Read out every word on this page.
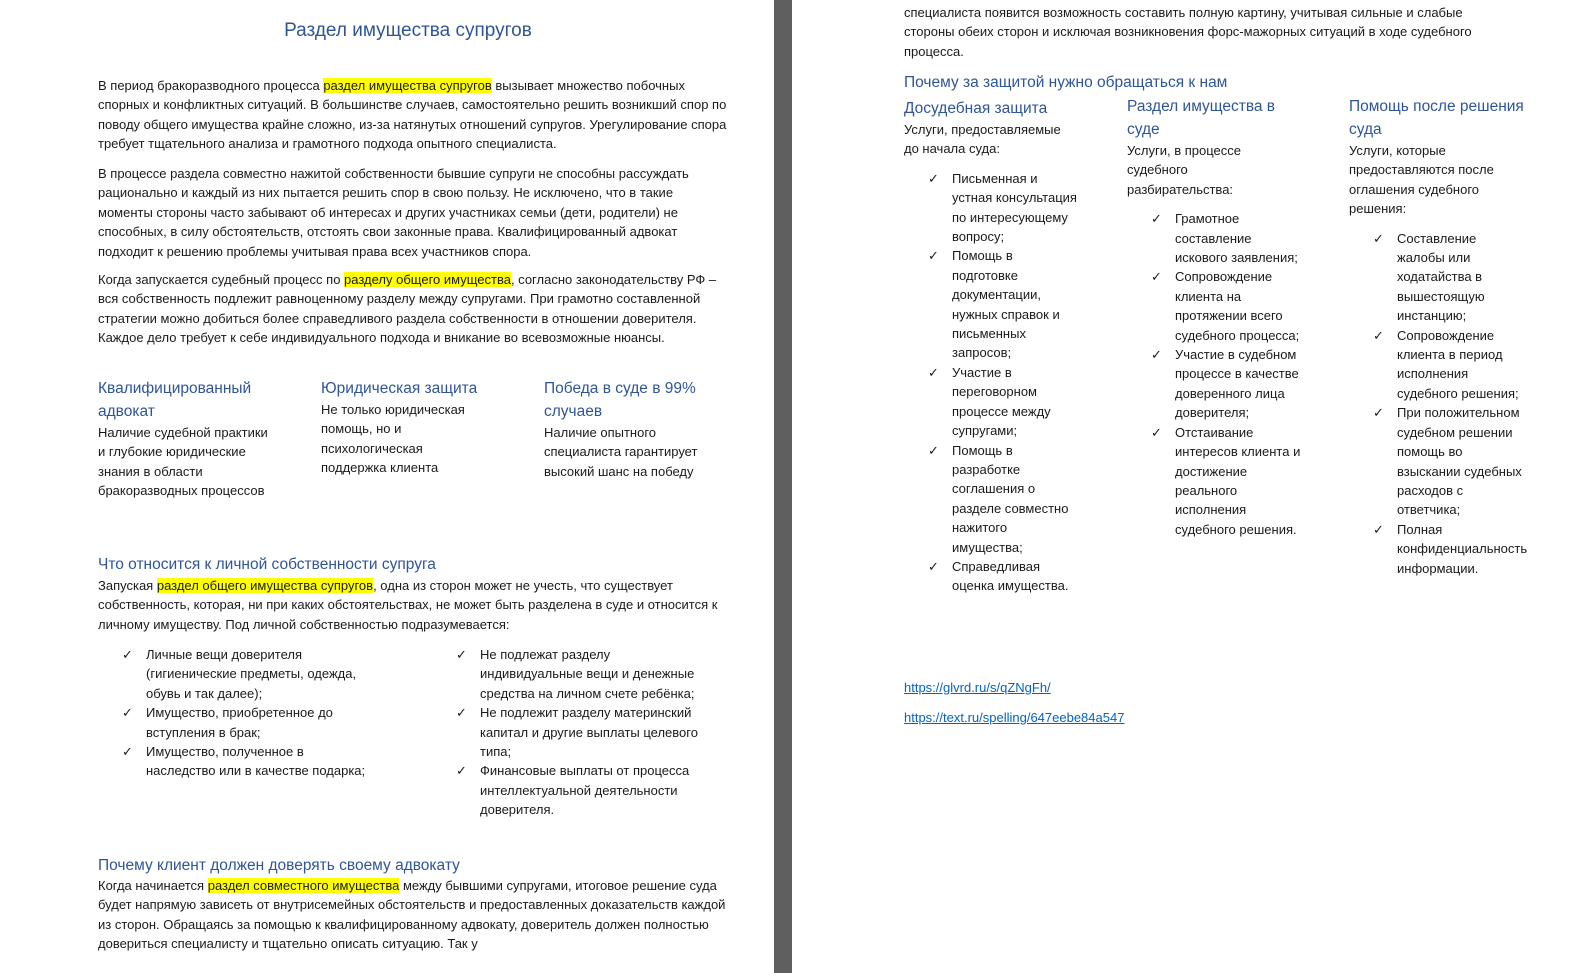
Раздел имущества супругов

В период бракоразводного процесса раздел имущества супругов вызывает множество побочных спорных и конфликтных ситуаций. В большинстве случаев, самостоятельно решить возникший спор по поводу общего имущества крайне сложно, из-за натянутых отношений супругов. Урегулирование спора требует тщательного анализа и грамотного подхода опытного специалиста.

В процессе раздела совместно нажитой собственности бывшие супруги не способны рассуждать рационально и каждый из них пытается решить спор в свою пользу. Не исключено, что в такие моменты стороны часто забывают об интересах и других участниках семьи (дети, родители) не способных, в силу обстоятельств, отстоять свои законные права. Квалифицированный адвокат подходит к решению проблемы учитывая права всех участников спора.

Когда запускается судебный процесс по разделу общего имущества, согласно законодательству РФ – вся собственность подлежит равноценному разделу между супругами. При грамотно составленной стратегии можно добиться более справедливого раздела собственности в отношении доверителя. Каждое дело требует к себе индивидуального подхода и вникание во всевозможные нюансы.

Квалифицированный адвокат

Наличие судебной практики и глубокие юридические знания в области бракоразводных процессов

Юридическая защита

Не только юридическая помощь, но и психологическая поддержка клиента

Победа в суде в 99% случаев

Наличие опытного специалиста гарантирует высокий шанс на победу

Что относится к личной собственности супруга

Запуская раздел общего имущества супругов, одна из сторон может не учесть, что существует собственность, которая, ни при каких обстоятельствах, не может быть разделена в суде и относится к личному имуществу. Под личной собственностью подразумевается:

✓ Личные вещи доверителя (гигиенические предметы, одежда, обувь и так далее);
✓ Имущество, приобретенное до вступления в брак;
✓ Имущество, полученное в наследство или в качестве подарка;
✓ Не подлежат разделу индивидуальные вещи и денежные средства на личном счете ребёнка;
✓ Не подлежит разделу материнский капитал и другие выплаты целевого типа;
✓ Финансовые выплаты от процесса интеллектуальной деятельности доверителя.
Почему клиент должен доверять своему адвокату

Когда начинается раздел совместного имущества между бывшими супругами, итоговое решение суда будет напрямую зависеть от внутрисемейных обстоятельств и предоставленных доказательств каждой из сторон. Обращаясь за помощью к квалифицированному адвокату, доверитель должен полностью довериться специалисту и тщательно описать ситуацию. Так у

специалиста появится возможность составить полную картину, учитывая сильные и слабые стороны обеих сторон и исключая возникновения форс-мажорных ситуаций в ходе судебного процесса.

Почему за защитой нужно обращаться к нам
Досудебная защита

Услуги, предоставляемые до начала суда:

✓ Письменная и устная консультация по интересующему вопросу;
✓ Помощь в подготовке документации, нужных справок и письменных запросов;
✓ Участие в переговорном процессе между супругами;
✓ Помощь в разработке соглашения о разделе совместно нажитого имущества;
✓ Справедливая оценка имущества.
Раздел имущества в суде

Услуги, в процессе судебного разбирательства:

✓ Грамотное составление искового заявления;
✓ Сопровождение клиента на протяжении всего судебного процесса;
✓ Участие в судебном процессе в качестве доверенного лица доверителя;
✓ Отстаивание интересов клиента и достижение реального исполнения судебного решения.
Помощь после решения суда

Услуги, которые предоставляются после оглашения судебного решения:

✓ Составление жалобы или ходатайства в вышестоящую инстанцию;
✓ Сопровождение клиента в период исполнения судебного решения;
✓ При положительном судебном решении помощь во взыскании судебных расходов с ответчика;
✓ Полная конфиденциальность информации.
https://glvrd.ru/s/qZNgFh/
https://text.ru/spelling/647eebe84a547
